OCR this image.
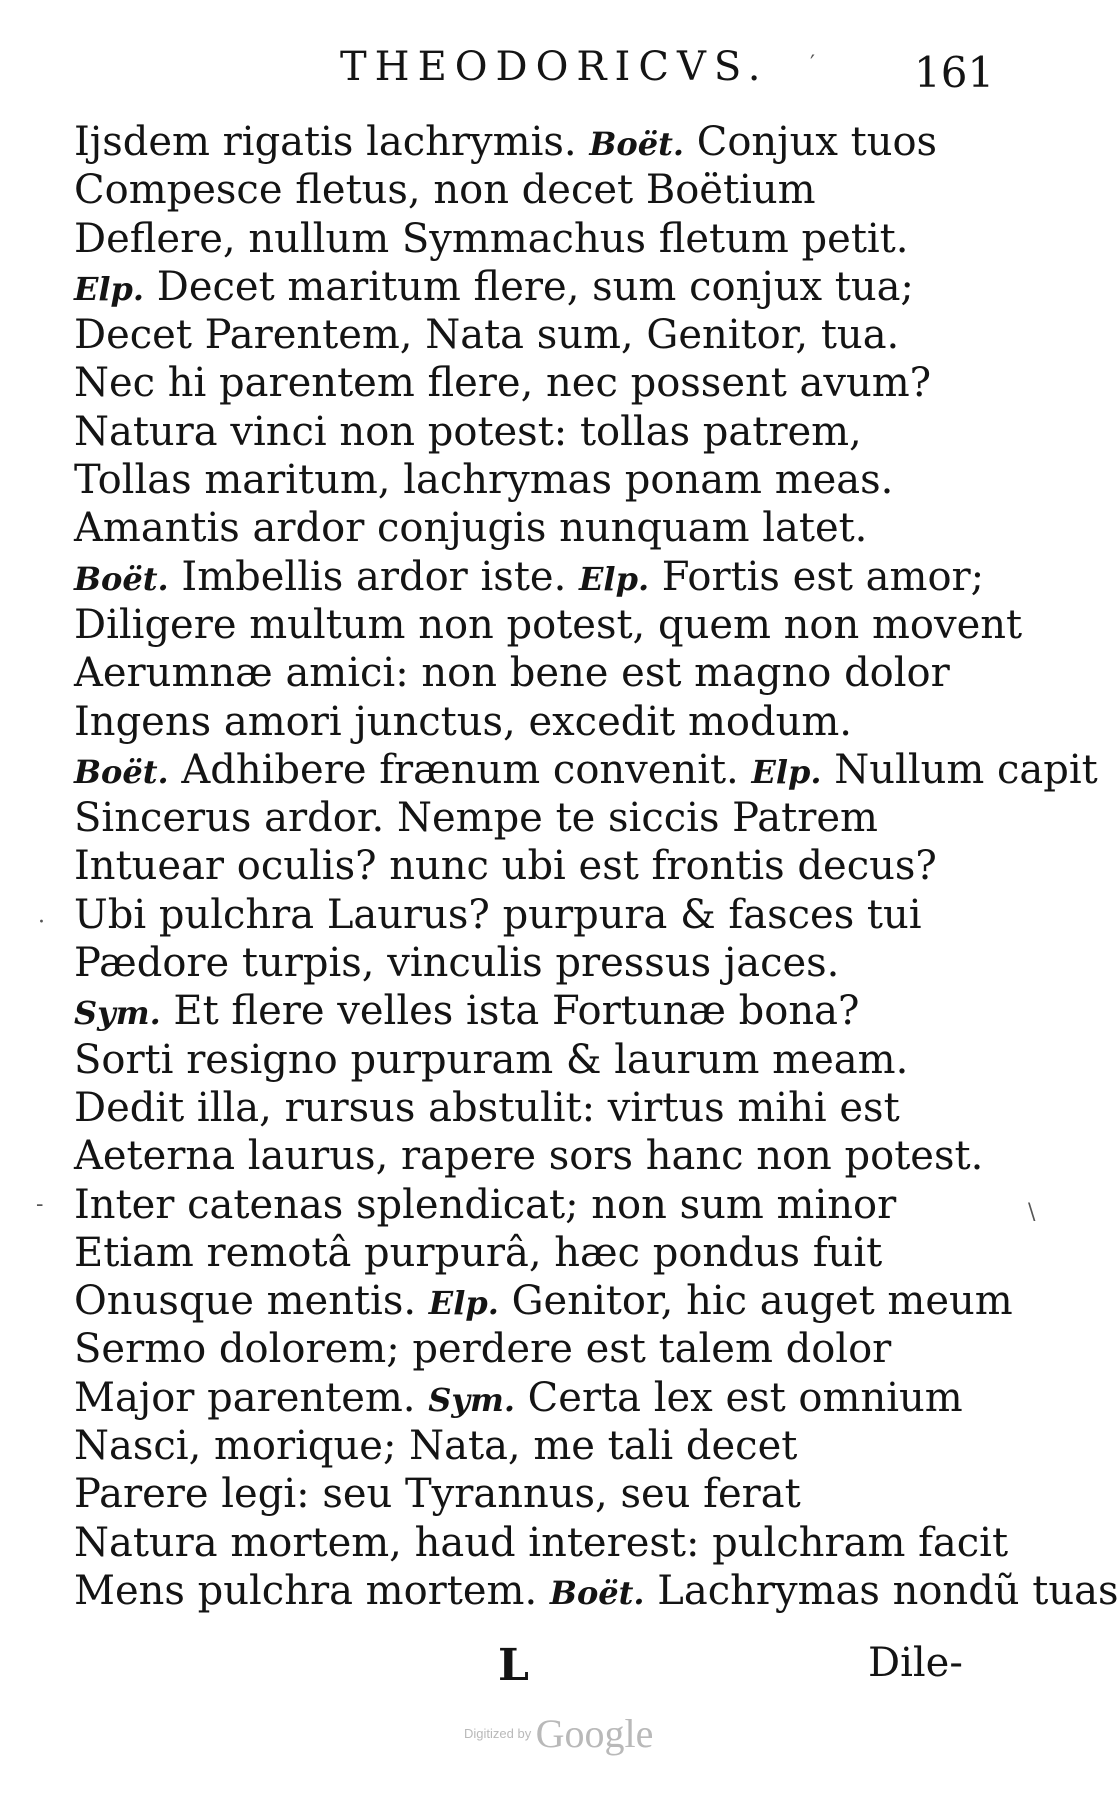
THEODORICVS.	161
Ijsdem rigatis lachrymis. Boët. Conjux tuos
Compesce fletus, non decet Boëtium
Deflere, nullum Symmachus fletum petit.
Elp. Decet maritum flere, sum conjux tua;
Decet Parentem, Nata sum, Genitor, tua.
Nec hi parentem flere, nec possent avum?
Natura vinci non potest: tollas patrem,
Tollas maritum, lachrymas ponam meas.
Amantis ardor conjugis nunquam latet.
Boët. Imbellis ardor iste. Elp. Fortis est amor;
Diligere multum non potest, quem non movent
Aerumnæ amici: non bene est magno dolor
Ingens amori junctus, excedit modum.
Boët. Adhibere frænum convenit. Elp. Nullum capit
Sincerus ardor. Nempe te siccis Patrem
Intuear oculis? nunc ubi est frontis decus?
Ubi pulchra Laurus? purpura & fasces tui
Pædore turpis, vinculis pressus jaces.
Sym. Et flere velles ista Fortunæ bona?
Sorti resigno purpuram & laurum meam.
Dedit illa, rursus abstulit: virtus mihi est
Aeterna laurus, rapere sors hanc non potest.
Inter catenas splendicat; non sum minor
Etiam remotâ purpurâ, hæc pondus fuit
Onusque mentis. Elp. Genitor, hic auget meum
Sermo dolorem; perdere est talem dolor
Major parentem. Sym. Certa lex est omnium
Nasci, morique; Nata, me tali decet
Parere legi: seu Tyrannus, seu ferat
Natura mortem, haud interest: pulchram facit
Mens pulchra mortem. Boët. Lachrymas nondũ tuas
L	Dile-
Digitized by Google
′
·
-	\
